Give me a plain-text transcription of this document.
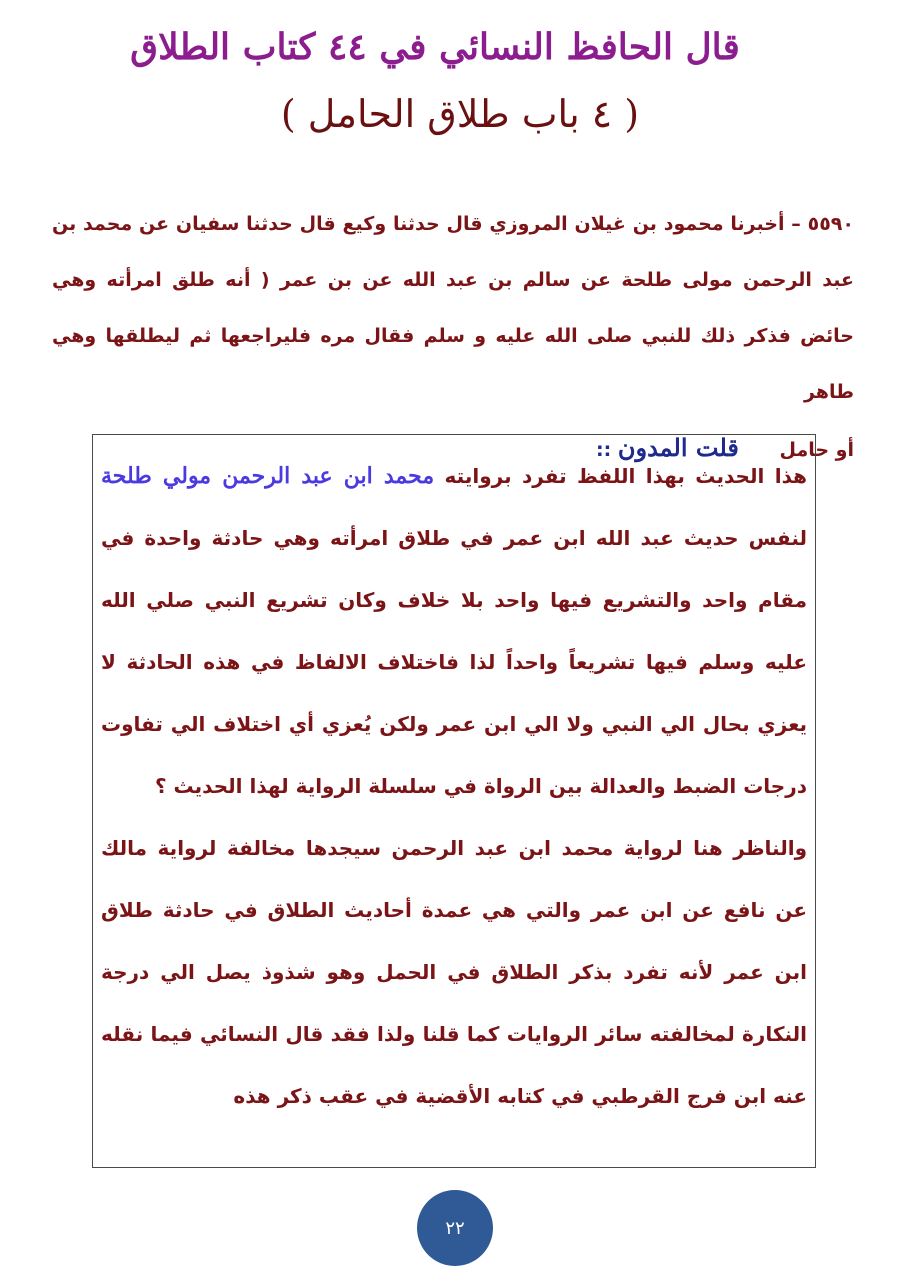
قال الحافظ النسائي في ٤٤ كتاب الطلاق
( ٤ باب طلاق الحامل )
٥٥٩٠ – أخبرنا محمود بن غيلان المروزي قال حدثنا وكيع قال حدثنا سفيان عن محمد بن عبد الرحمن مولى طلحة عن سالم بن عبد الله عن بن عمر ( أنه طلق امرأته وهي حائض فذكر ذلك للنبي صلى الله عليه و سلم فقال مره فليراجعها ثم ليطلقها وهي طاهر
أو حامل قلت المدون ::

هذا الحديث بهذا اللفظ تفرد بروايته محمد ابن عبد الرحمن مولي طلحة لنفس حديث عبد الله ابن عمر في طلاق امرأته وهي حادثة واحدة في مقام واحد والتشريع فيها واحد بلا خلاف وكان تشريع النبي صلي الله عليه وسلم فيها تشريعاً واحداً لذا فاختلاف الالفاظ في هذه الحادثة لا يعزي بحال الي النبي ولا الي ابن عمر ولكن يُعزي أي اختلاف الي تفاوت درجات الضبط والعدالة بين الرواة في سلسلة الرواية لهذا الحديث ؟

والناظر هنا لرواية محمد ابن عبد الرحمن سيجدها مخالفة لرواية مالك عن نافع عن ابن عمر والتي هي عمدة أحاديث الطلاق في حادثة طلاق ابن عمر لأنه تفرد بذكر الطلاق في الحمل وهو شذوذ يصل الي درجة النكارة لمخالفته سائر الروايات كما قلنا ولذا فقد قال النسائي فيما نقله عنه ابن فرج القرطبي في كتابه الأقضية في عقب ذكر هذه

٢٢
